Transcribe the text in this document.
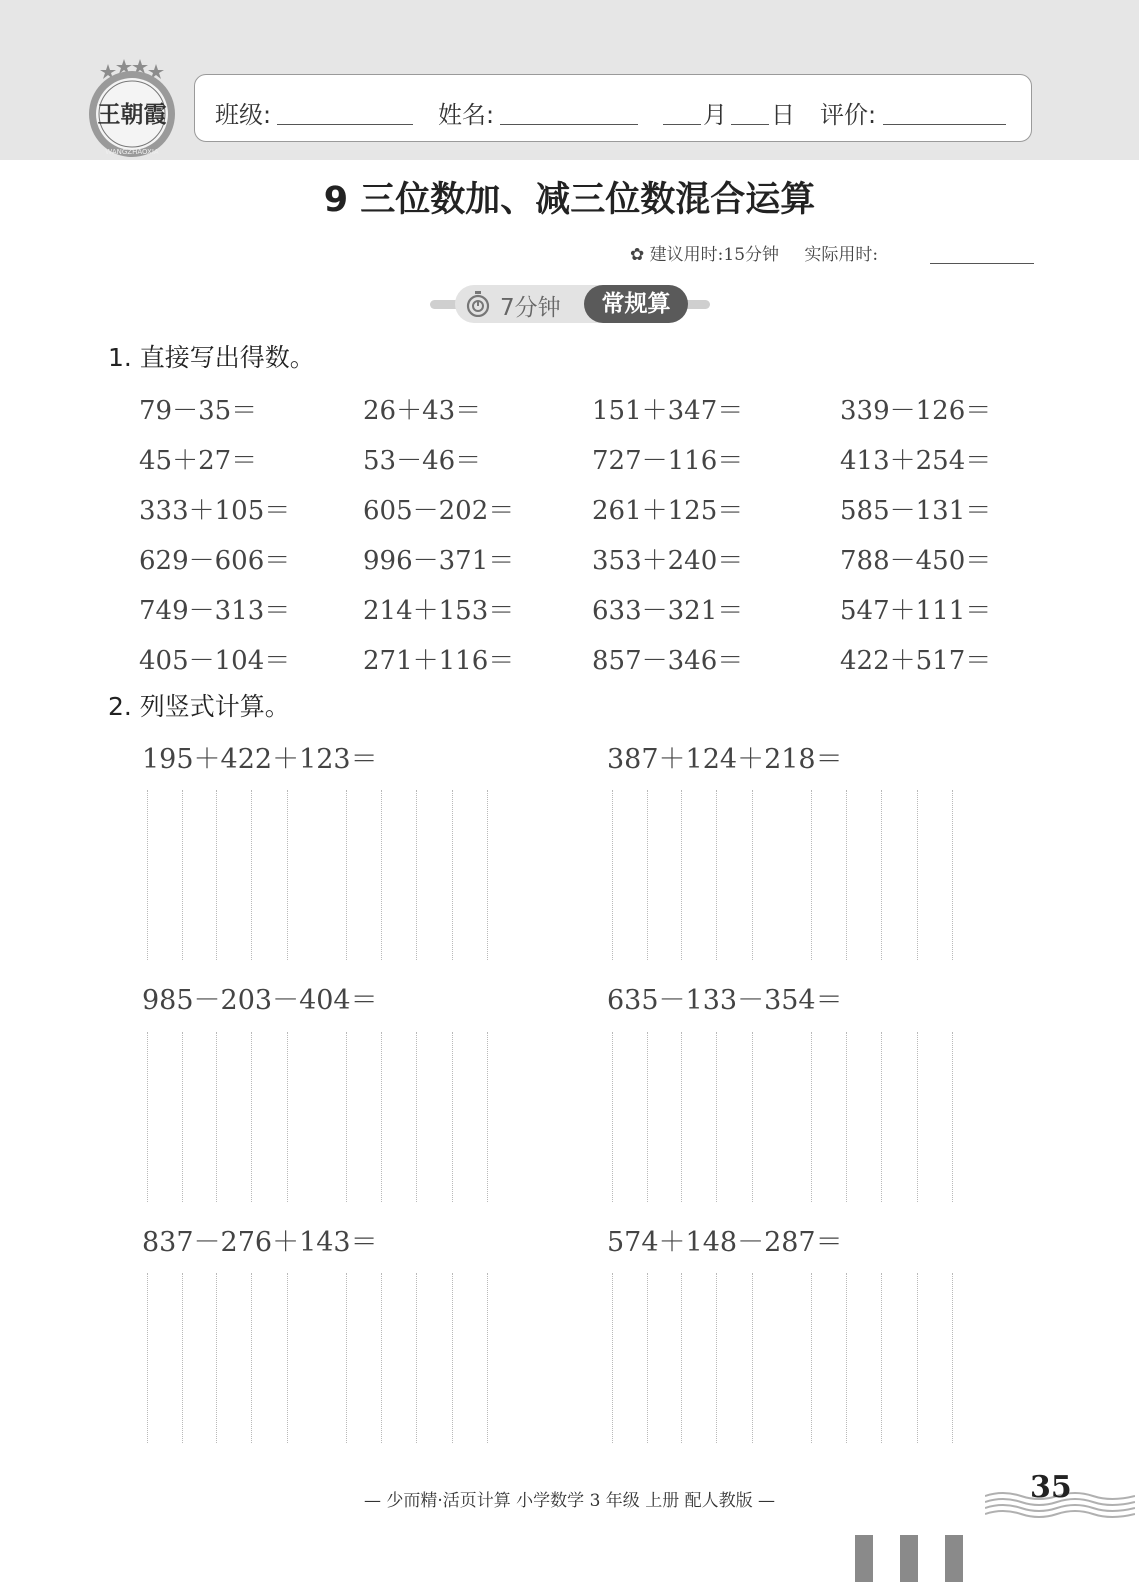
王朝霞
WANGZHAOXIA
班级:	姓名:	月 日 评价:
9 三位数加、减三位数混合运算
✿ 建议用时:15分钟 实际用时:
7分钟	常规算
1. 直接写出得数。
79－35＝	26＋43＝	151＋347＝	339－126＝
45＋27＝	53－46＝	727－116＝	413＋254＝
333＋105＝	605－202＝	261＋125＝	585－131＝
629－606＝	996－371＝	353＋240＝	788－450＝
749－313＝	214＋153＝	633－321＝	547＋111＝
405－104＝	271＋116＝	857－346＝	422＋517＝
2. 列竖式计算。
195＋422＋123＝	387＋124＋218＝
985－203－404＝	635－133－354＝
837－276＋143＝	574＋148－287＝
— 少而精·活页计算 小学数学 3 年级 上册 配人教版 —	35
